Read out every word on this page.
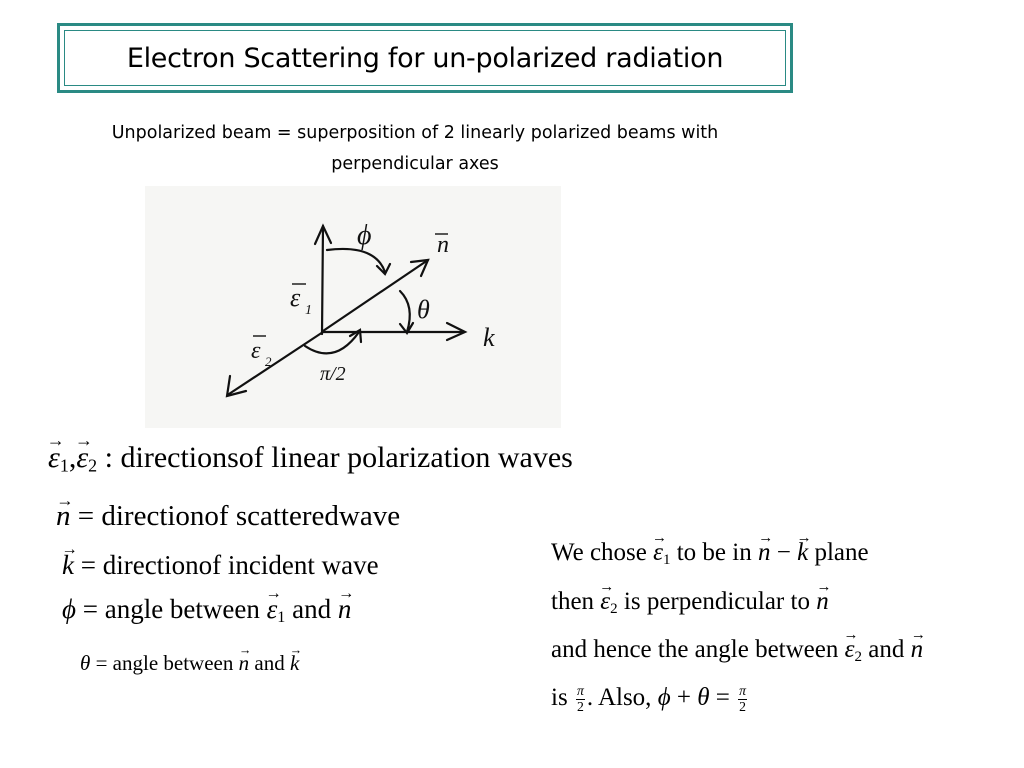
Electron Scattering for un-polarized radiation
Unpolarized beam = superposition of 2 linearly polarized beams with
perpendicular axes
ϕ	n
θ
k
ε 1
ε 2
π/2
→ $\varepsilon_1,\to \varepsilon_2$ : directionsof linear polarization waves
→ n = directionof scatteredwave
→ k = directionof incident wave
ϕ = angle between → $\varepsilon_1$ and → n
θ = angle between → n and → k
We chose → $\varepsilon_1$ to be in → n − → k plane
then → $\varepsilon_2$ is perpendicular to → n
and hence the angle between → $\varepsilon_2$ and → n
is $\frac{\pi}{2}$ . Also, $\phi + \theta = \frac{\pi}{2}$
